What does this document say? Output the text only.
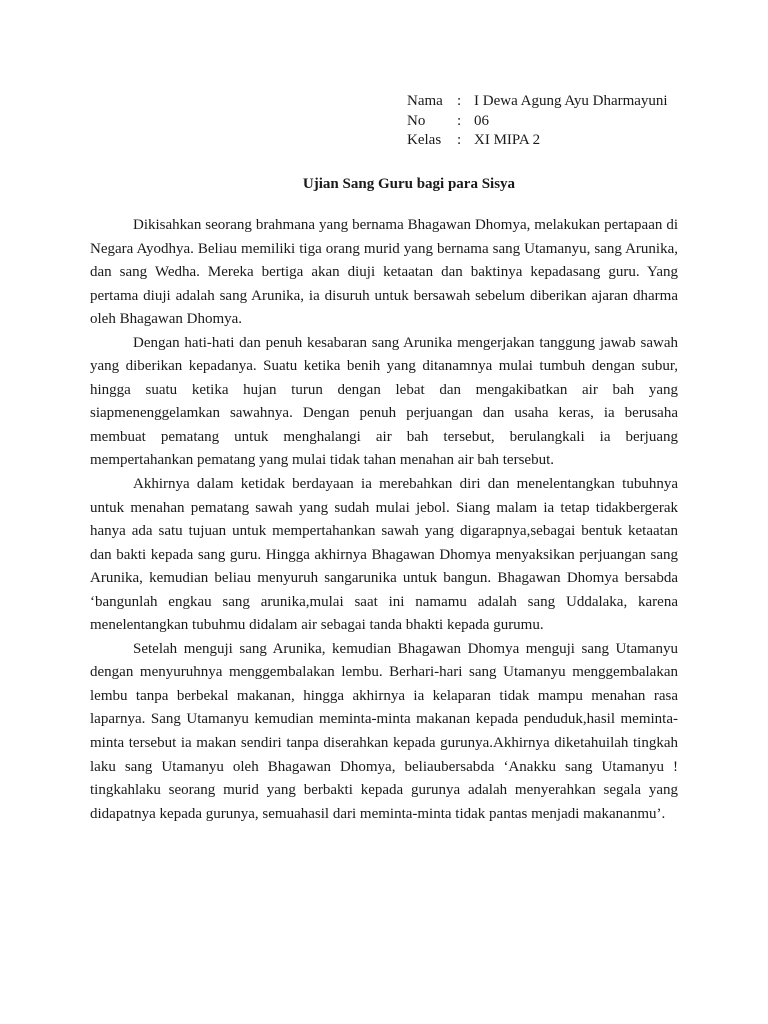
Nama : I Dewa Agung Ayu Dharmayuni
No	: 06
Kelas	: XI MIPA 2
Ujian Sang Guru bagi para Sisya

Dikisahkan seorang brahmana yang bernama Bhagawan Dhomya, melakukan pertapaan di Negara Ayodhya. Beliau memiliki tiga orang murid yang bernama sang Utamanyu, sang Arunika, dan sang Wedha. Mereka bertiga akan diuji ketaatan dan baktinya kepadasang guru. Yang pertama diuji adalah sang Arunika, ia disuruh untuk bersawah sebelum diberikan ajaran dharma oleh Bhagawan Dhomya.

Dengan hati-hati dan penuh kesabaran sang Arunika mengerjakan tanggung jawab sawah yang diberikan kepadanya. Suatu ketika benih yang ditanamnya mulai tumbuh dengan subur, hingga suatu ketika hujan turun dengan lebat dan mengakibatkan air bah yang siapmenenggelamkan sawahnya. Dengan penuh perjuangan dan usaha keras, ia berusaha membuat pematang untuk menghalangi air bah tersebut, berulangkali ia berjuang mempertahankan pematang yang mulai tidak tahan menahan air bah tersebut.

Akhirnya dalam ketidak berdayaan ia merebahkan diri dan menelentangkan tubuhnya untuk menahan pematang sawah yang sudah mulai jebol. Siang malam ia tetap tidakbergerak hanya ada satu tujuan untuk mempertahankan sawah yang digarapnya,sebagai bentuk ketaatan dan bakti kepada sang guru. Hingga akhirnya Bhagawan Dhomya menyaksikan perjuangan sang Arunika, kemudian beliau menyuruh sangarunika untuk bangun. Bhagawan Dhomya bersabda ‘bangunlah engkau sang arunika,mulai saat ini namamu adalah sang Uddalaka, karena menelentangkan tubuhmu didalam air sebagai tanda bhakti kepada gurumu.

Setelah menguji sang Arunika, kemudian Bhagawan Dhomya menguji sang Utamanyu dengan menyuruhnya menggembalakan lembu. Berhari-hari sang Utamanyu menggembalakan lembu tanpa berbekal makanan, hingga akhirnya ia kelaparan tidak mampu menahan rasa laparnya. Sang Utamanyu kemudian meminta-minta makanan kepada penduduk,hasil meminta-minta tersebut ia makan sendiri tanpa diserahkan kepada gurunya.Akhirnya diketahuilah tingkah laku sang Utamanyu oleh Bhagawan Dhomya, beliaubersabda ‘Anakku sang Utamanyu ! tingkahlaku seorang murid yang berbakti kepada gurunya adalah menyerahkan segala yang didapatnya kepada gurunya, semuahasil dari meminta-minta tidak pantas menjadi makananmu’.
